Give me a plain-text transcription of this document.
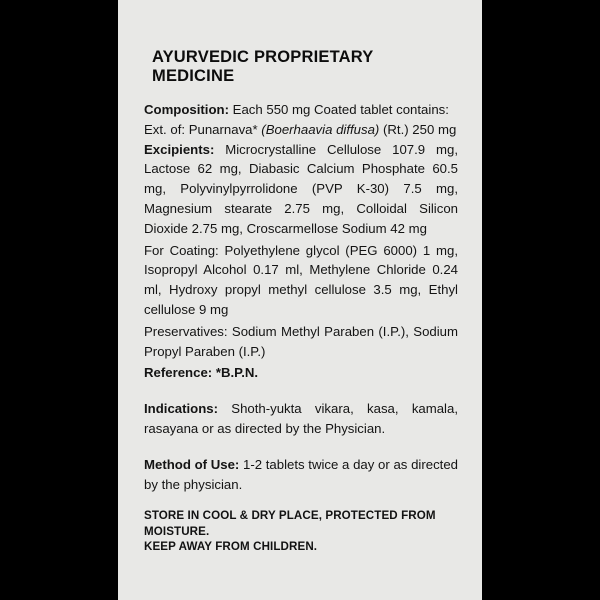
AYURVEDIC PROPRIETARY MEDICINE
Composition: Each 550 mg Coated tablet contains:
Ext. of: Punarnava* (Boerhaavia diffusa) (Rt.) 250 mg
Excipients: Microcrystalline Cellulose 107.9 mg, Lactose 62 mg, Diabasic Calcium Phosphate 60.5 mg, Polyvinylpyrrolidone (PVP K-30) 7.5 mg, Magnesium stearate 2.75 mg, Colloidal Silicon Dioxide 2.75 mg, Croscarmellose Sodium 42 mg
For Coating: Polyethylene glycol (PEG 6000) 1 mg, Isopropyl Alcohol 0.17 ml, Methylene Chloride 0.24 ml, Hydroxy propyl methyl cellulose 3.5 mg, Ethyl cellulose 9 mg
Preservatives: Sodium Methyl Paraben (I.P.), Sodium Propyl Paraben (I.P.)
Reference: *B.P.N.
Indications: Shoth-yukta vikara, kasa, kamala, rasayana or as directed by the Physician.
Method of Use: 1-2 tablets twice a day or as directed by the physician.
STORE IN COOL & DRY PLACE, PROTECTED FROM
MOISTURE.
KEEP AWAY FROM CHILDREN.
